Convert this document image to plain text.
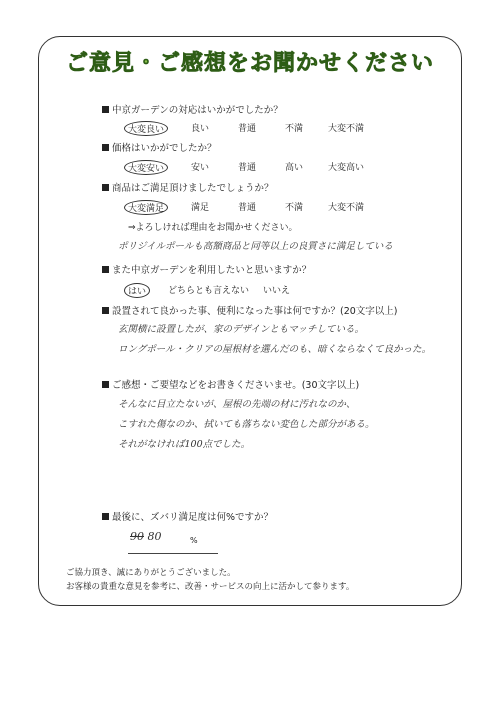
ご意見・ご感想をお聞かせください
中京ガーデンの対応はいかがでしたか？
大変良い	良い	普通	不満	大変不満
価格はいかがでしたか？
大変安い	安い	普通	高い	大変高い
商品はご満足頂けましたでしょうか？
大変満足	満足	普通	不満	大変不満
⇒よろしければ理由をお聞かせください。
ポリジイルポールも高額商品と同等以上の良質さに満足している
また中京ガーデンを利用したいと思いますか？
はい	どちらとも言えない いいえ
設置されて良かった事、便利になった事は何ですか？(20文字以上)
玄関横に設置したが、家のデザインともマッチしている。
ロングポール・クリアの屋根材を選んだのも、暗くならなくて良かった。
ご感想・ご要望などをお書きくださいませ。(30文字以上)
そんなに目立たないが、屋根の先端の材に汚れなのか、
こすれた傷なのか、拭いても落ちない変色した部分がある。
それがなければ100点でした。
最後に、ズバリ満足度は何%ですか？
90 80	%
ご協力頂き、誠にありがとうございました。
お客様の貴重な意見を参考に、改善・サービスの向上に活かして参ります。
